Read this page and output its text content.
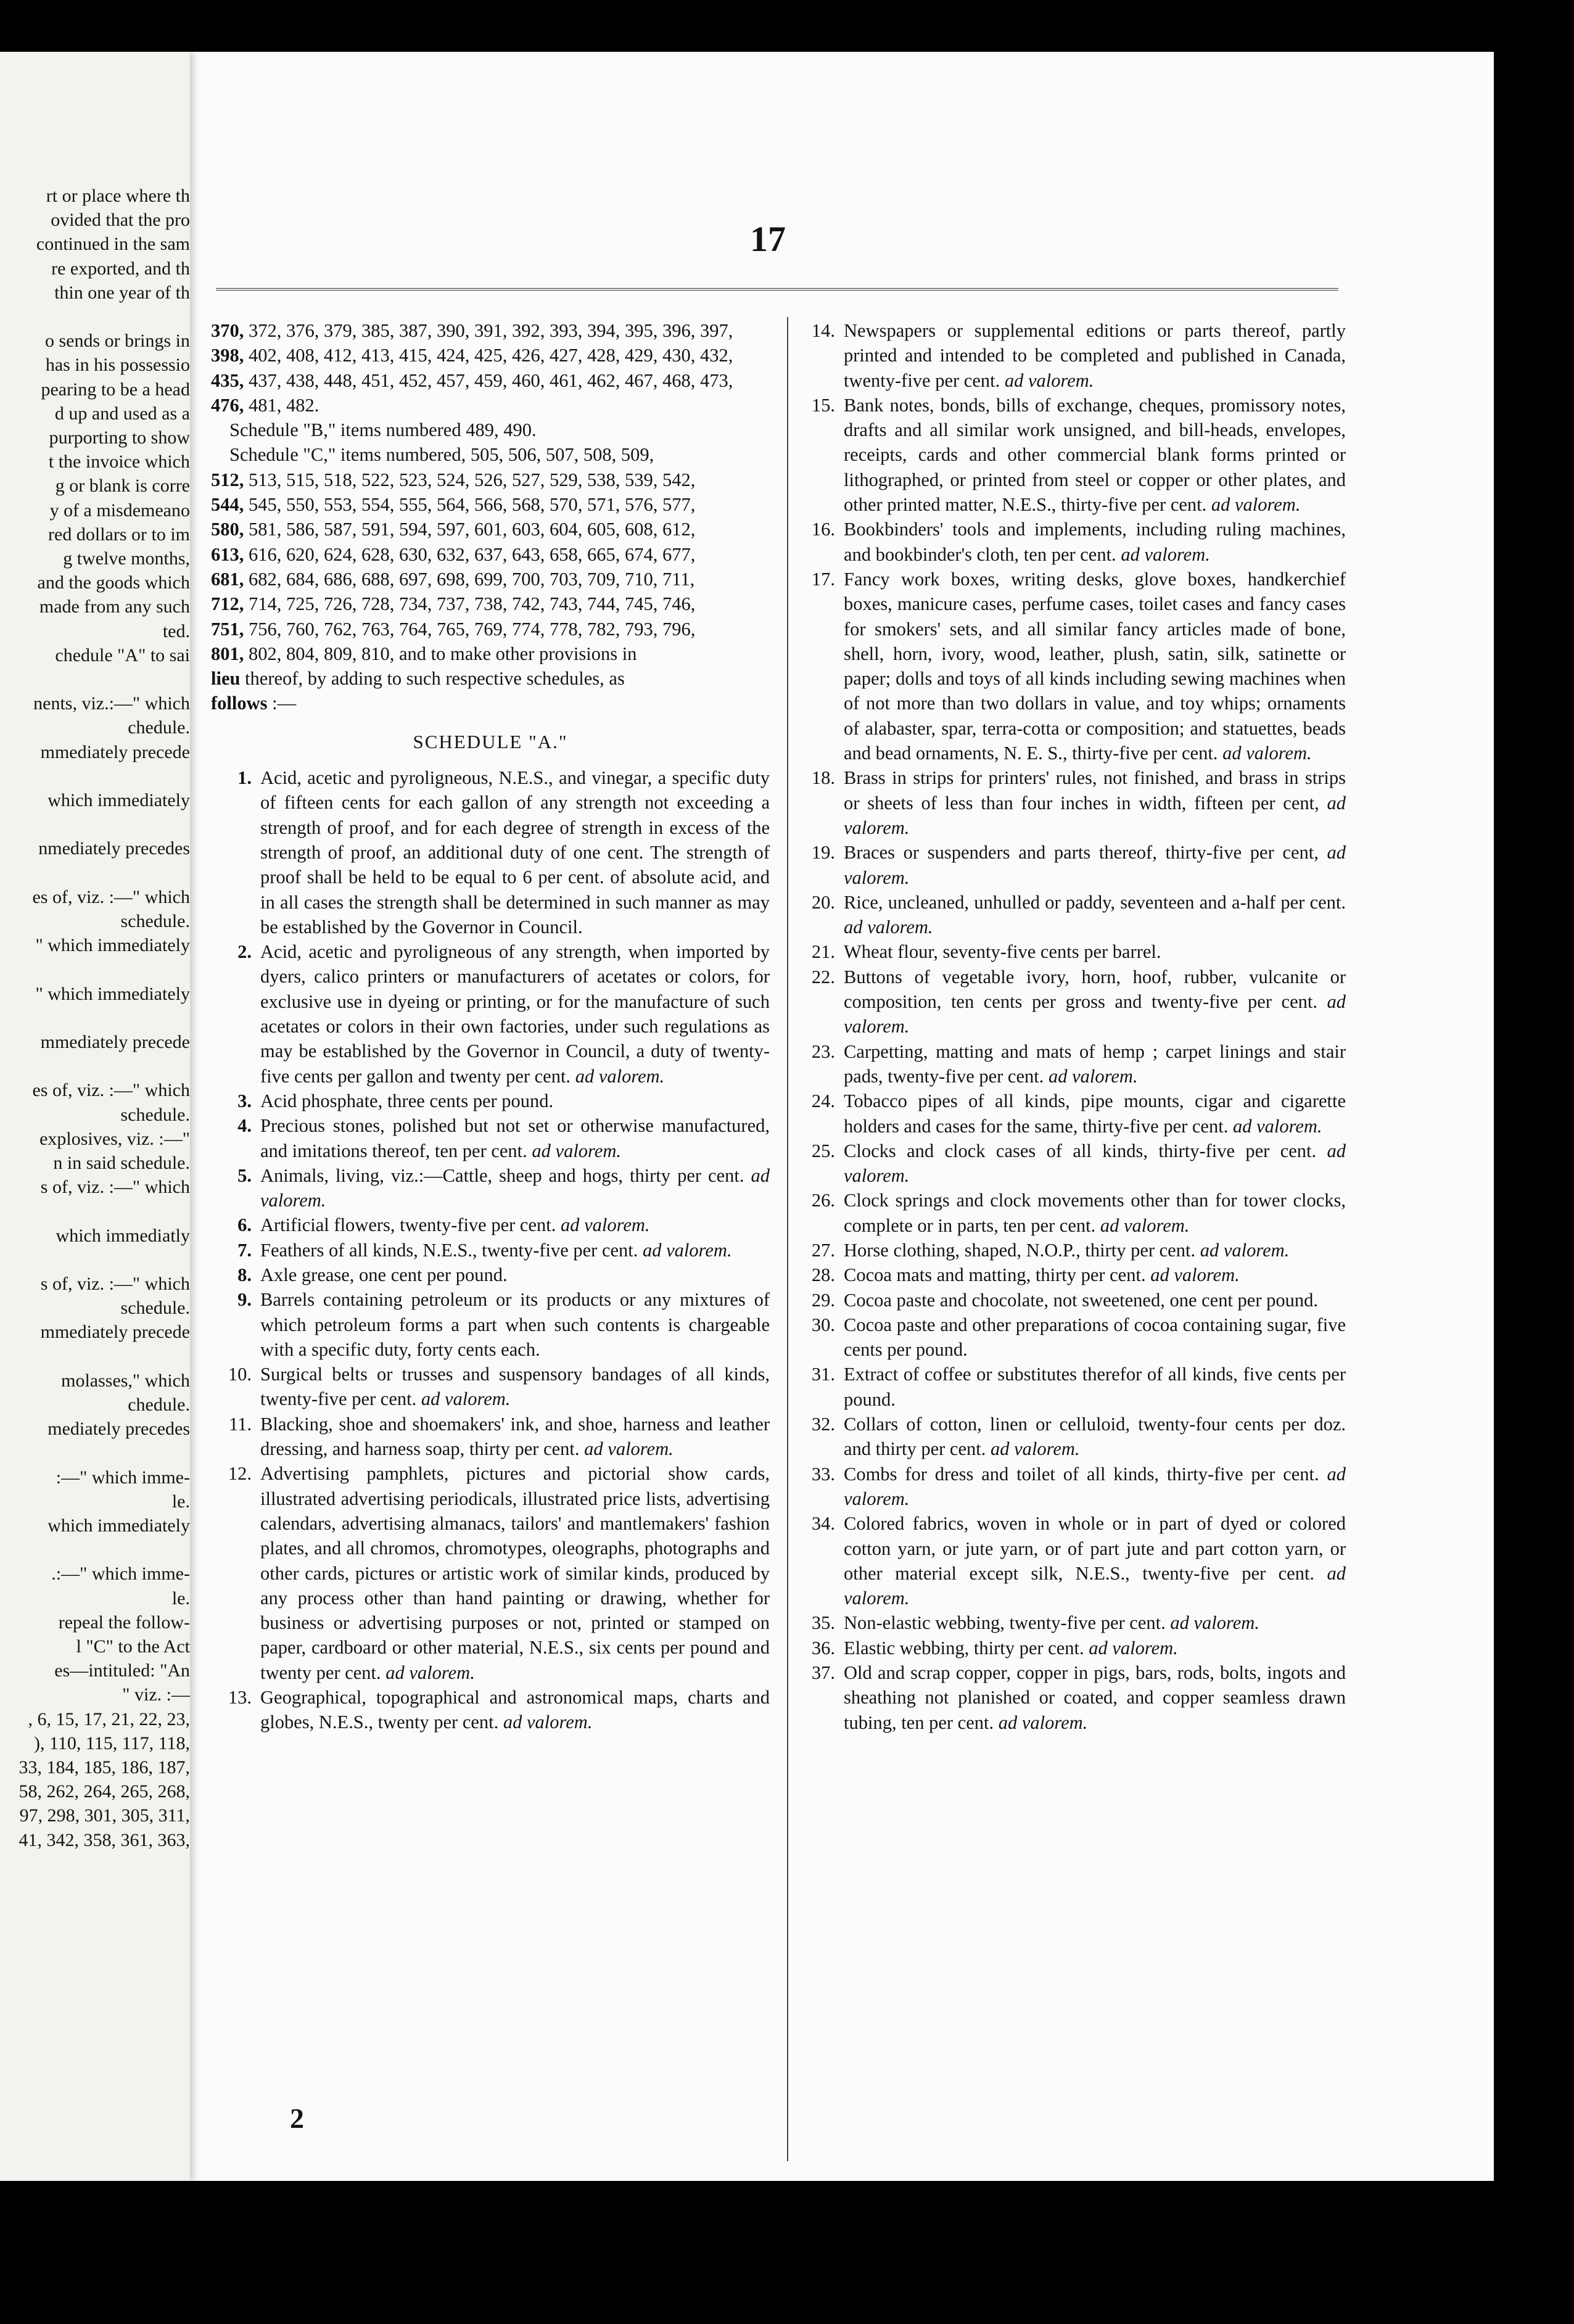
rt or place where th
ovided that the pro
continued in the sam
re exported, and th
thin one year of th
o sends or brings in
has in his possessio
pearing to be a head
d up and used as a
purporting to show
t the invoice which
g or blank is corre
y of a misdemeano
red dollars or to im
g twelve months,
and the goods which
made from any such
ted.
chedule "A" to sai
nents, viz.:—" which
chedule.
mmediately precede
which immediately
nmediately precedes
es of, viz. :—" which
schedule.
" which immediately
" which immediately
mmediately precede
es of, viz. :—" which
schedule.
explosives, viz. :—"
n in said schedule.
s of, viz. :—" which
which immediatly
s of, viz. :—" which
schedule.
mmediately precede
molasses," which
chedule.
mediately precedes
:—" which imme-
le.
which immediately
.:—" which imme-
le.
repeal the follow-
l "C" to the Act
es—intituled: "An
" viz. :—
, 6, 15, 17, 21, 22, 23,
), 110, 115, 117, 118,
33, 184, 185, 186, 187,
58, 262, 264, 265, 268,
97, 298, 301, 305, 311,
41, 342, 358, 361, 363,
17

370, 372, 376, 379, 385, 387, 390, 391, 392, 393, 394, 395, 396, 397,

398, 402, 408, 412, 413, 415, 424, 425, 426, 427, 428, 429, 430, 432,

435, 437, 438, 448, 451, 452, 457, 459, 460, 461, 462, 467, 468, 473,

476, 481, 482.

Schedule "B," items numbered 489, 490.

Schedule "C," items numbered, 505, 506, 507, 508, 509,

512, 513, 515, 518, 522, 523, 524, 526, 527, 529, 538, 539, 542,

544, 545, 550, 553, 554, 555, 564, 566, 568, 570, 571, 576, 577,

580, 581, 586, 587, 591, 594, 597, 601, 603, 604, 605, 608, 612,

613, 616, 620, 624, 628, 630, 632, 637, 643, 658, 665, 674, 677,

681, 682, 684, 686, 688, 697, 698, 699, 700, 703, 709, 710, 711,

712, 714, 725, 726, 728, 734, 737, 738, 742, 743, 744, 745, 746,

751, 756, 760, 762, 763, 764, 765, 769, 774, 778, 782, 793, 796,

801, 802, 804, 809, 810, and to make other provisions in

lieu thereof, by adding to such respective schedules, as

follows :—

SCHEDULE "A."

1. Acid, acetic and pyroligneous, N.E.S., and vinegar, a specific duty of fifteen cents for each gallon of any strength not exceeding a strength of proof, and for each degree of strength in excess of the strength of proof, an additional duty of one cent. The strength of proof shall be held to be equal to 6 per cent. of absolute acid, and in all cases the strength shall be determined in such manner as may be established by the Governor in Council.
2. Acid, acetic and pyroligneous of any strength, when imported by dyers, calico printers or manufacturers of acetates or colors, for exclusive use in dyeing or printing, or for the manufacture of such acetates or colors in their own factories, under such regulations as may be established by the Governor in Council, a duty of twenty-five cents per gallon and twenty per cent. ad valorem.
3. Acid phosphate, three cents per pound.
4. Precious stones, polished but not set or otherwise manufactured, and imitations thereof, ten per cent. ad valorem.
5. Animals, living, viz.:—Cattle, sheep and hogs, thirty per cent. ad valorem.
6. Artificial flowers, twenty-five per cent. ad valorem.
7. Feathers of all kinds, N.E.S., twenty-five per cent. ad valorem.
8. Axle grease, one cent per pound.
9. Barrels containing petroleum or its products or any mixtures of which petroleum forms a part when such contents is chargeable with a specific duty, forty cents each.
10. Surgical belts or trusses and suspensory bandages of all kinds, twenty-five per cent. ad valorem.
11. Blacking, shoe and shoemakers' ink, and shoe, harness and leather dressing, and harness soap, thirty per cent. ad valorem.
12. Advertising pamphlets, pictures and pictorial show cards, illustrated advertising periodicals, illustrated price lists, advertising calendars, advertising almanacs, tailors' and mantlemakers' fashion plates, and all chromos, chromotypes, oleographs, photographs and other cards, pictures or artistic work of similar kinds, produced by any process other than hand painting or drawing, whether for business or advertising purposes or not, printed or stamped on paper, cardboard or other material, N.E.S., six cents per pound and twenty per cent. ad valorem.
13. Geographical, topographical and astronomical maps, charts and globes, N.E.S., twenty per cent. ad valorem.
14. Newspapers or supplemental editions or parts thereof, partly printed and intended to be completed and published in Canada, twenty-five per cent. ad valorem.
15. Bank notes, bonds, bills of exchange, cheques, promissory notes, drafts and all similar work unsigned, and bill-heads, envelopes, receipts, cards and other commercial blank forms printed or lithographed, or printed from steel or copper or other plates, and other printed matter, N.E.S., thirty-five per cent. ad valorem.
16. Bookbinders' tools and implements, including ruling machines, and bookbinder's cloth, ten per cent. ad valorem.
17. Fancy work boxes, writing desks, glove boxes, handkerchief boxes, manicure cases, perfume cases, toilet cases and fancy cases for smokers' sets, and all similar fancy articles made of bone, shell, horn, ivory, wood, leather, plush, satin, silk, satinette or paper; dolls and toys of all kinds including sewing machines when of not more than two dollars in value, and toy whips; ornaments of alabaster, spar, terra-cotta or composition; and statuettes, beads and bead ornaments, N. E. S., thirty-five per cent. ad valorem.
18. Brass in strips for printers' rules, not finished, and brass in strips or sheets of less than four inches in width, fifteen per cent, ad valorem.
19. Braces or suspenders and parts thereof, thirty-five per cent, ad valorem.
20. Rice, uncleaned, unhulled or paddy, seventeen and a-half per cent. ad valorem.
21. Wheat flour, seventy-five cents per barrel.
22. Buttons of vegetable ivory, horn, hoof, rubber, vulcanite or composition, ten cents per gross and twenty-five per cent. ad valorem.
23. Carpetting, matting and mats of hemp ; carpet linings and stair pads, twenty-five per cent. ad valorem.
24. Tobacco pipes of all kinds, pipe mounts, cigar and cigarette holders and cases for the same, thirty-five per cent. ad valorem.
25. Clocks and clock cases of all kinds, thirty-five per cent. ad valorem.
26. Clock springs and clock movements other than for tower clocks, complete or in parts, ten per cent. ad valorem.
27. Horse clothing, shaped, N.O.P., thirty per cent. ad valorem.
28. Cocoa mats and matting, thirty per cent. ad valorem.
29. Cocoa paste and chocolate, not sweetened, one cent per pound.
30. Cocoa paste and other preparations of cocoa containing sugar, five cents per pound.
31. Extract of coffee or substitutes therefor of all kinds, five cents per pound.
32. Collars of cotton, linen or celluloid, twenty-four cents per doz. and thirty per cent. ad valorem.
33. Combs for dress and toilet of all kinds, thirty-five per cent. ad valorem.
34. Colored fabrics, woven in whole or in part of dyed or colored cotton yarn, or jute yarn, or of part jute and part cotton yarn, or other material except silk, N.E.S., twenty-five per cent. ad valorem.
35. Non-elastic webbing, twenty-five per cent. ad valorem.
36. Elastic webbing, thirty per cent. ad valorem.
37. Old and scrap copper, copper in pigs, bars, rods, bolts, ingots and sheathing not planished or coated, and copper seamless drawn tubing, ten per cent. ad valorem.
2
